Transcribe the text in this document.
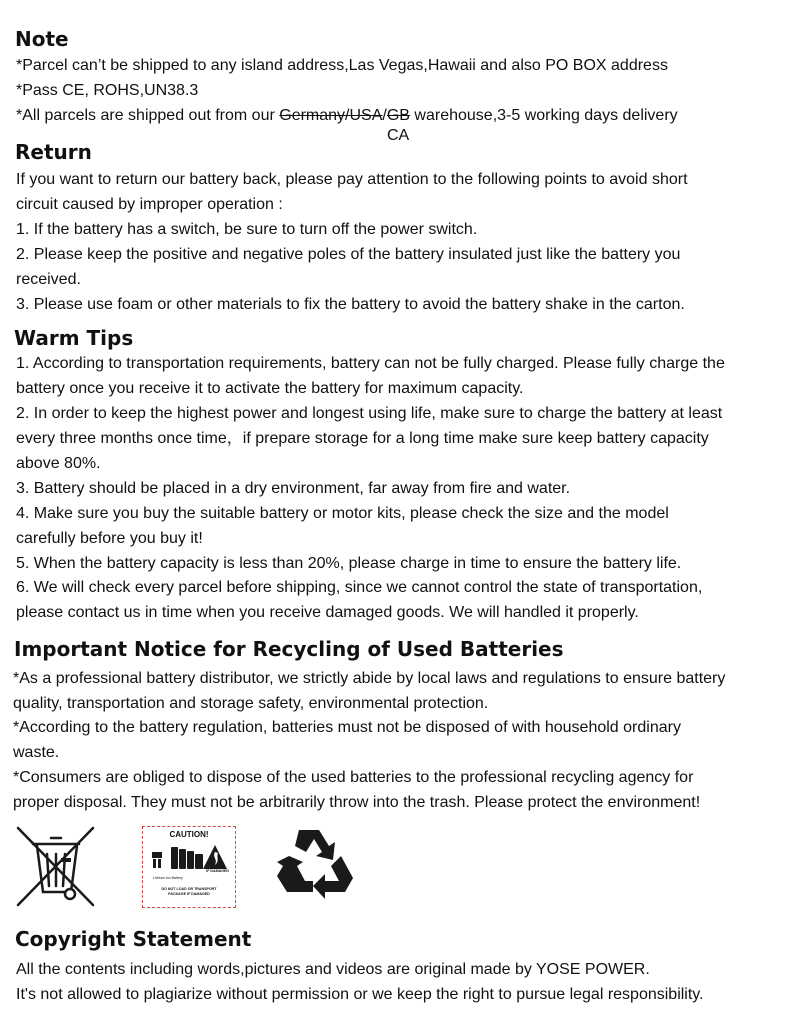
Note
*Parcel can’t be shipped to any island address,Las Vegas,Hawaii and also PO BOX address
*Pass CE, ROHS,UN38.3
*All parcels are shipped out from our Germany/USA/GB warehouse,3-5 working days delivery
CA
Return
If you want to return our battery back, please pay attention to the following points to avoid short
circuit caused by improper operation :
1. If the battery has a switch, be sure to turn off the power switch.
2. Please keep the positive and negative poles of the battery insulated just like the battery you
received.
3. Please use foam or other materials to fix the battery to avoid the battery shake in the carton.
Warm Tips
1. According to transportation requirements, battery can not be fully charged. Please fully charge the
battery once you receive it to activate the battery for maximum capacity.
2. In order to keep the highest power and longest using life, make sure to charge the battery at least
every three months once time，if prepare storage for a long time make sure keep battery capacity
above 80%.
3. Battery should be placed in a dry environment, far away from fire and water.
4. Make sure you buy the suitable battery or motor kits, please check the size and the model
carefully before you buy it!
5. When the battery capacity is less than 20%, please charge in time to ensure the battery life.
6. We will check every parcel before shipping, since we cannot control the state of transportation,
please contact us in time when you receive damaged goods. We will handled it properly.
Important Notice for Recycling of Used Batteries
*As a professional battery distributor, we strictly abide by local laws and regulations to ensure battery
quality, transportation and storage safety, environmental protection.
*According to the battery regulation, batteries must not be disposed of with household ordinary
waste.
*Consumers are obliged to dispose of the used batteries to the professional recycling agency for
proper disposal. They must not be arbitrarily throw into the trash. Please protect the environment!
CAUTION!
Lithium Ion Battery
IF DAMAGED
DO NOT LOAD OR TRANSPORT
PACKAGE IF DAMAGED
Copyright Statement
All the contents including words,pictures and videos are original made by YOSE POWER.
It's not allowed to plagiarize without permission or we keep the right to pursue legal responsibility.
